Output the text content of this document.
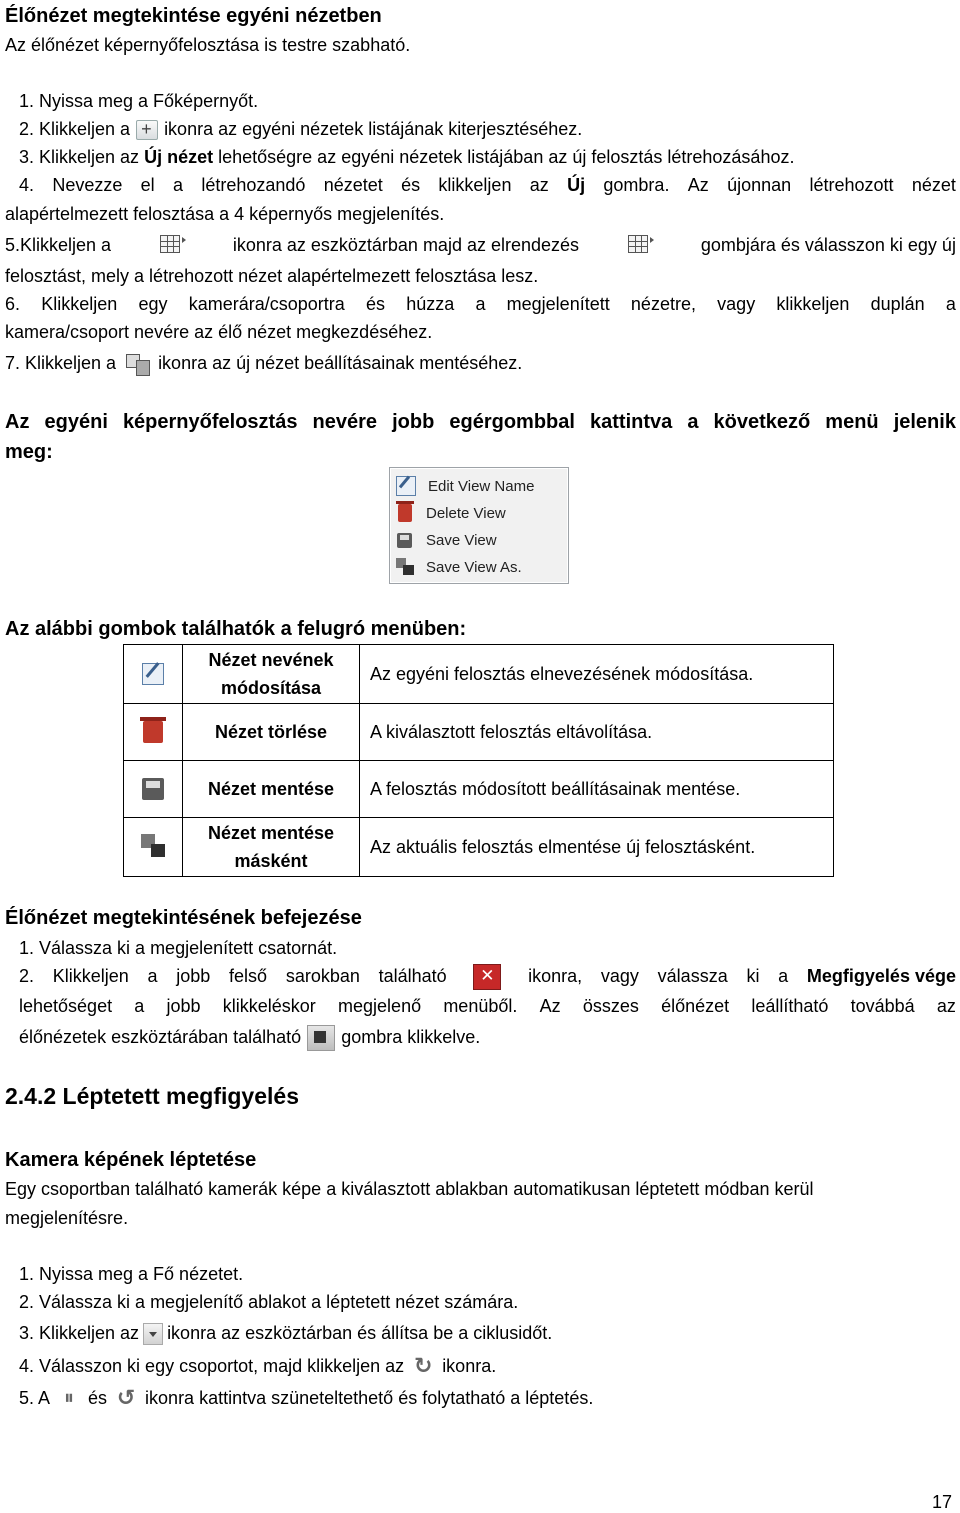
Élőnézet megtekintése egyéni nézetben
Az élőnézet képernyőfelosztása is testre szabható.
1. Nyissa meg a Főképernyőt.
2. Klikkeljen a + ikonra az egyéni nézetek listájának kiterjesztéséhez.
3. Klikkeljen az Új nézet lehetőségre az egyéni nézetek listájában az új felosztás létrehozásához.
4. Nevezze el a létrehozandó nézetet és klikkeljen az Új gombra. Az újonnan létrehozott nézet
alapértelmezett felosztása a 4 képernyős megjelenítés.
5.Klikkeljen a	ikonra az eszköztárban majd az elrendezés	gombjára és válasszon ki egy új
felosztást, mely a létrehozott nézet alapértelmezett felosztása lesz.
6. Klikkeljen egy kamerára/csoportra és húzza a megjelenített nézetre, vagy klikkeljen duplán a
kamera/csoport nevére az élő nézet megkezdéséhez.
7. Klikkeljen a ikonra az új nézet beállításainak mentéséhez.
Az egyéni képernyőfelosztás nevére jobb egérgombbal kattintva a következő menü jelenik
meg:
Edit View Name
Delete View
Save View
Save View As.
Az alábbi gombok találhatók a felugró menüben:
	Nézet nevének
módosítása	Az egyéni felosztás elnevezésének módosítása.
	Nézet törlése	A kiválasztott felosztás eltávolítása.
	Nézet mentése	A felosztás módosított beállításainak mentése.

	Nézet mentése
másként	Az aktuális felosztás elmentése új felosztásként.
Élőnézet megtekintésének befejezése
1. Válassza ki a megjelenített csatornát.
2. Klikkeljen a jobb felső sarokban található	✕	ikonra, vagy válassza ki a Megfigyelés vége
lehetőséget a jobb klikkeléskor megjelenő menüből. Az összes élőnézet leállítható továbbá az
élőnézetek eszköztárában található gombra klikkelve.
2.4.2 Léptetett megfigyelés
Kamera képének léptetése
Egy csoportban található kamerák képe a kiválasztott ablakban automatikusan léptetett módban kerül
megjelenítésre.
1. Nyissa meg a Fő nézetet.
2. Válassza ki a megjelenítő ablakot a léptetett nézet számára.
3. Klikkeljen az ikonra az eszköztárban és állítsa be a ciklusidőt.
4. Válasszon ki egy csoportot, majd klikkeljen az ↻ ikonra.
5. A ⏸ és ↺ ikonra kattintva szüneteltethető és folytatható a léptetés.
17
